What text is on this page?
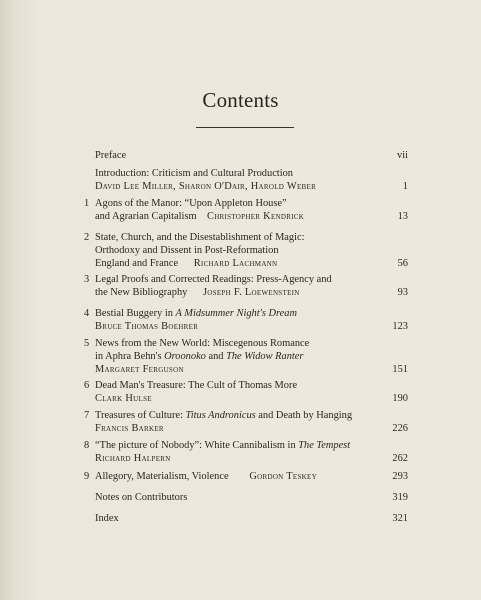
Contents
Preface	vii
Introduction: Criticism and Cultural Production
David Lee Miller, Sharon O'Dair, Harold Weber	1
1 Agons of the Manor: “Upon Appleton House”
and Agrarian Capitalism Christopher Kendrick	13
2 State, Church, and the Disestablishment of Magic:
Orthodoxy and Dissent in Post-Reformation
England and France Richard Lachmann	56
3 Legal Proofs and Corrected Readings: Press-Agency and
the New Bibliography Joseph F. Loewenstein	93
4 Bestial Buggery in A Midsummer Night's Dream
Bruce Thomas Boehrer	123
5 News from the New World: Miscegenous Romance
in Aphra Behn's Oroonoko and The Widow Ranter
Margaret Ferguson	151
6 Dead Man's Treasure: The Cult of Thomas More
Clark Hulse	190
7 Treasures of Culture: Titus Andronicus and Death by Hanging
Francis Barker	226
8 “The picture of Nobody”: White Cannibalism in The Tempest
Richard Halpern	262
9 Allegory, Materialism, Violence Gordon Teskey	293
Notes on Contributors	319
Index	321
